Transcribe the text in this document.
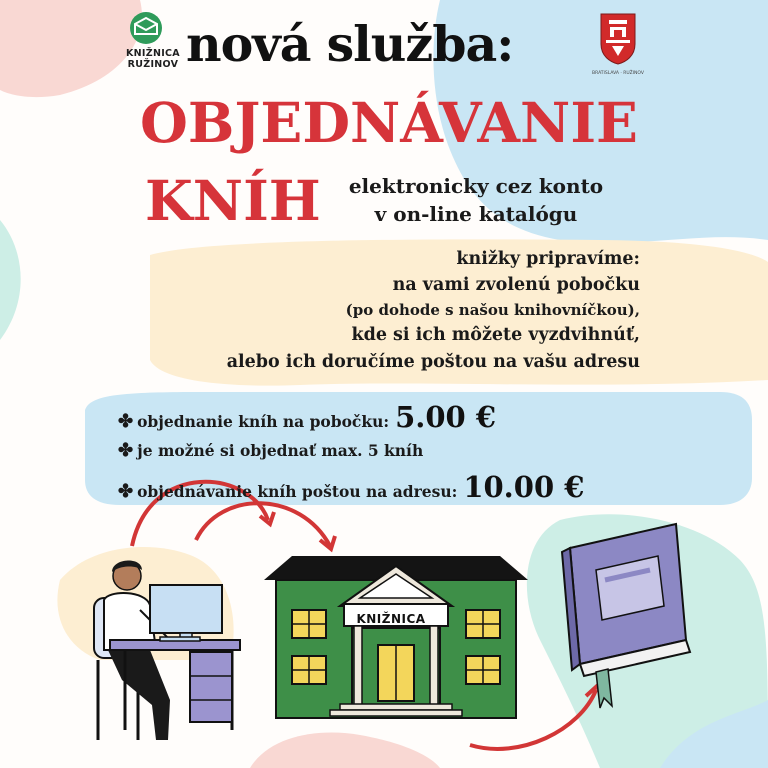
BRATISLAVA · RUŽINOV
KNIŽNICA
RUŽINOV nová služba:
OBJEDNÁVANIE
KNÍH	elektronicky cez konto
v on-line katalógu
knižky pripravíme:
na vami zvolenú pobočku
(po dohode s našou knihovníčkou),
kde si ich môžete vyzdvihnúť,
alebo ich doručíme poštou na vašu adresu
✤ objednanie kníh na pobočku: 5.00 €
✤ je možné si objednať max. 5 kníh
✤ objednávanie kníh poštou na adresu: 10.00 €
KNIŽNICA
